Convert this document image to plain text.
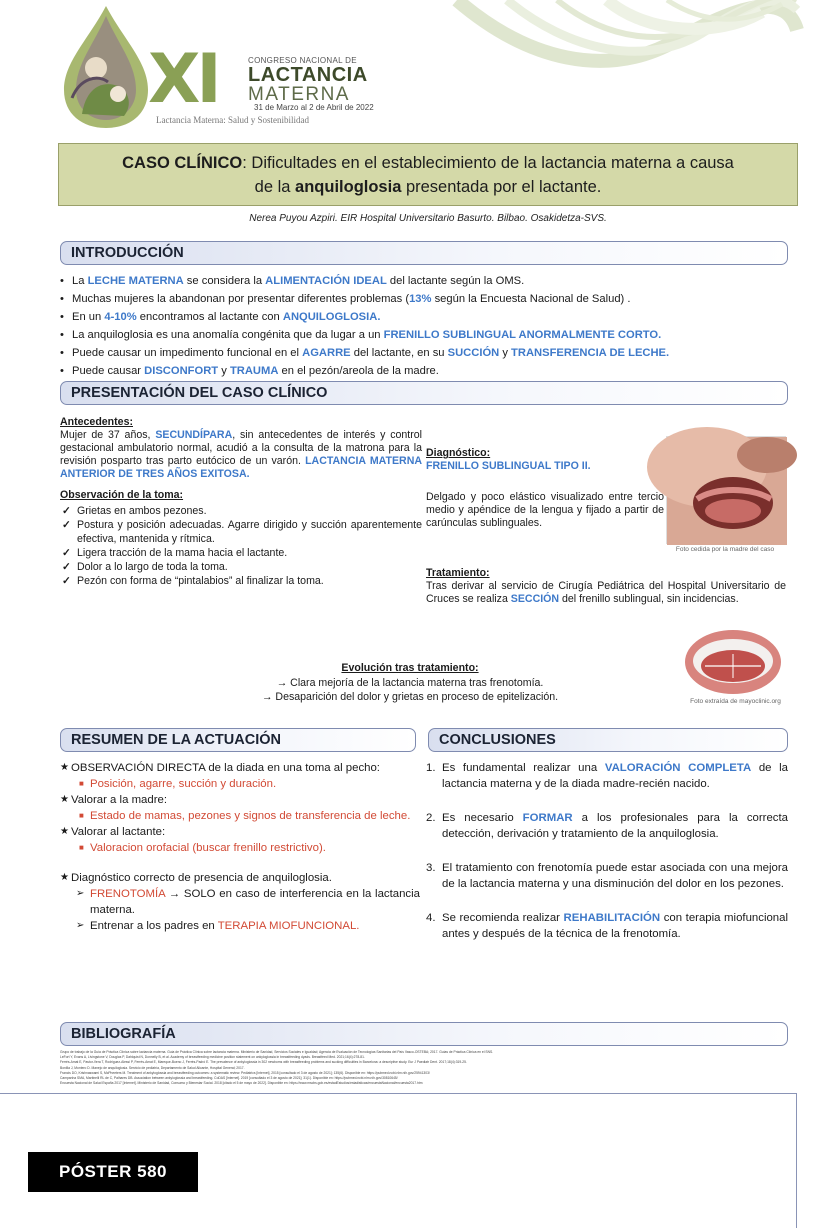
XI	CONGRESO NACIONAL DE
LACTANCIA
MATERNA
31 de Marzo al 2 de Abril de 2022
Lactancia Materna: Salud y Sostenibilidad
CASO CLÍNICO: Dificultades en el establecimiento de la lactancia materna a causa
de la anquiloglosia presentada por el lactante.
Nerea Puyou Azpiri. EIR Hospital Universitario Basurto. Bilbao. Osakidetza-SVS.
INTRODUCCIÓN
• La LECHE MATERNA se considera la ALIMENTACIÓN IDEAL del lactante según la OMS.
• Muchas mujeres la abandonan por presentar diferentes problemas (13% según la Encuesta Nacional de Salud) .
• En un 4-10% encontramos al lactante con ANQUILOGLOSIA.
• La anquiloglosia es una anomalía congénita que da lugar a un FRENILLO SUBLINGUAL ANORMALMENTE CORTO.
• Puede causar un impedimento funcional en el AGARRE del lactante, en su SUCCIÓN y TRANSFERENCIA DE LECHE.
• Puede causar DISCONFORT y TRAUMA en el pezón/areola de la madre.
PRESENTACIÓN DEL CASO CLÍNICO
Antecedentes:
Mujer de 37 años, SECUNDÍPARA, sin antecedentes de interés y control gestacional ambulatorio normal, acudió a la consulta de la matrona para la revisión posparto tras parto eutócico de un varón. LACTANCIA MATERNA ANTERIOR DE TRES AÑOS EXITOSA.
Observación de la toma:
✓ Grietas en ambos pezones.
✓ Postura y posición adecuadas. Agarre dirigido y succión aparentemente efectiva, mantenida y rítmica.
✓ Ligera tracción de la mama hacia el lactante.
✓ Dolor a lo largo de toda la toma.
✓ Pezón con forma de “pintalabios” al finalizar la toma.
Diagnóstico:
FRENILLO SUBLINGUAL TIPO II.
Delgado y poco elástico visualizado entre tercio medio y apéndice de la lengua y fijado a partir de carúnculas sublinguales.
Foto cedida por la madre del caso
Tratamiento:
Tras derivar al servicio de Cirugía Pediátrica del Hospital Universitario de Cruces se realiza SECCIÓN del frenillo sublingual, sin incidencias.
Foto extraída de mayoclinic.org
Evolución tras tratamiento:
→ Clara mejoría de la lactancia materna tras frenotomía.
→ Desaparición del dolor y grietas en proceso de epitelización.
RESUMEN DE LA ACTUACIÓN
★ OBSERVACIÓN DIRECTA de la diada en una toma al pecho:
■ Posición, agarre, succión y duración.
★ Valorar a la madre:
■ Estado de mamas, pezones y signos de transferencia de leche.
★ Valorar al lactante:
■ Valoracion orofacial (buscar frenillo restrictivo).
★ Diagnóstico correcto de presencia de anquiloglosia.
➢ FRENOTOMÍA → SOLO en caso de interferencia en la lactancia materna.
➢ Entrenar a los padres en TERAPIA MIOFUNCIONAL.
CONCLUSIONES
1. Es fundamental realizar una VALORACIÓN COMPLETA de la lactancia materna y de la diada madre-recién nacido.
2. Es necesario FORMAR a los profesionales para la correcta detección, derivación y tratamiento de la anquiloglosia.
3. El tratamiento con frenotomía puede estar asociada con una mejora de la lactancia materna y una disminución del dolor en los pezones.
4. Se recomienda realizar REHABILITACIÓN con terapia miofuncional antes y después de la técnica de la frenotomía.
BIBLIOGRAFÍA
Grupo de trabajo de la Guía de Práctica Clínica sobre lactancia materna. Guía de Práctica Clínica sobre lactancia materna. Ministerio de Sanidad, Servicios Sociales e Igualdad; Agencia de Evaluación de Tecnologías Sanitarias del País Vasco-OSTEBA; 2017. Guías de Práctica Clínica en el SNS.
LeFort Y, Evans A, Livingstone V, Douglas P, Dahlquist N, Donnelly B, et al. Academy of breastfeeding medicine position statement on ankyloglossia in breastfeeding dyads. Breastfeed Med. 2021;16(4):278-81.
Ferrés-Amat E, Pastor-Vera T, Rodriguez-Alessi P, Ferrés-Amat E, Mareque-Bueno J, Ferrés-Padró E. The prevalence of ankyloglossia in 302 newborns with breastfeeding problems and sucking difficulties in Barcelona: a descriptive study. Eur J Paediatr Dent. 2017;18(4):319-25.
Bonilla J, Montero D. Manejo de anquiloglosia. Servicio de pediatría, Departamento de Salud Alicante, Hospital General; 2017.
Francis DO, Krishnaswami S, McPheeters M. Treatment of ankyloglossia and breastfeeding outcomes: a systematic review. Pediatrics [Internet]. 2015 [consultado el 3 de agosto de 2021]; 135(6). Disponible en: https://pubmed.ncbi.nlm.nih.gov/25941303/
Campanha SMA, Martinelli RL de C, Palhares DB. Association between ankyloglossia and breastfeeding. CoDAS [Internet]. 2019 [consultado el 3 de agosto de 2021]; 31(1). Disponible en: https://pubmed.ncbi.nlm.nih.gov/30810645/
Encuesta Nacional de Salud España 2017 [Internet]. Ministerio de Sanidad, Consumo y Bienestar Social. 2018 [citado el 5 de mayo de 2022]. Disponible en: https://www.mscbs.gob.es/estadEstudios/estadisticas/encuestaNacional/encuesta2017.htm
PÓSTER 580
